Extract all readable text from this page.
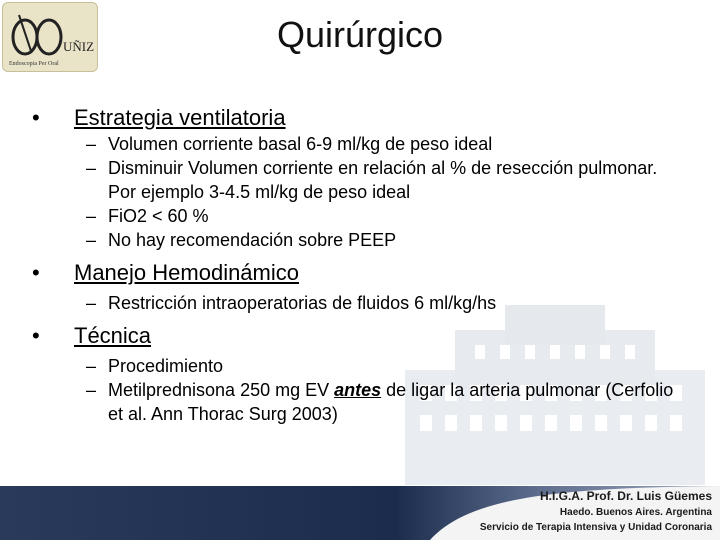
UÑIZ
Endoscopia Per Oral
Quirúrgico
• Estrategia ventilatoria
– Volumen corriente basal 6-9 ml/kg de peso ideal
– Disminuir Volumen corriente en relación al % de resección pulmonar. Por ejemplo 3-4.5 ml/kg de peso ideal
– FiO2 < 60 %
– No hay recomendación sobre PEEP
• Manejo Hemodinámico
– Restricción intraoperatorias de fluidos 6 ml/kg/hs
• Técnica
– Procedimiento
– Metilprednisona 250 mg EV antes de ligar la arteria pulmonar (Cerfolio et al. Ann Thorac Surg 2003)
H.I.G.A. Prof. Dr. Luis Güemes
Haedo. Buenos Aires. Argentina
Servicio de Terapia Intensiva y Unidad Coronaria
